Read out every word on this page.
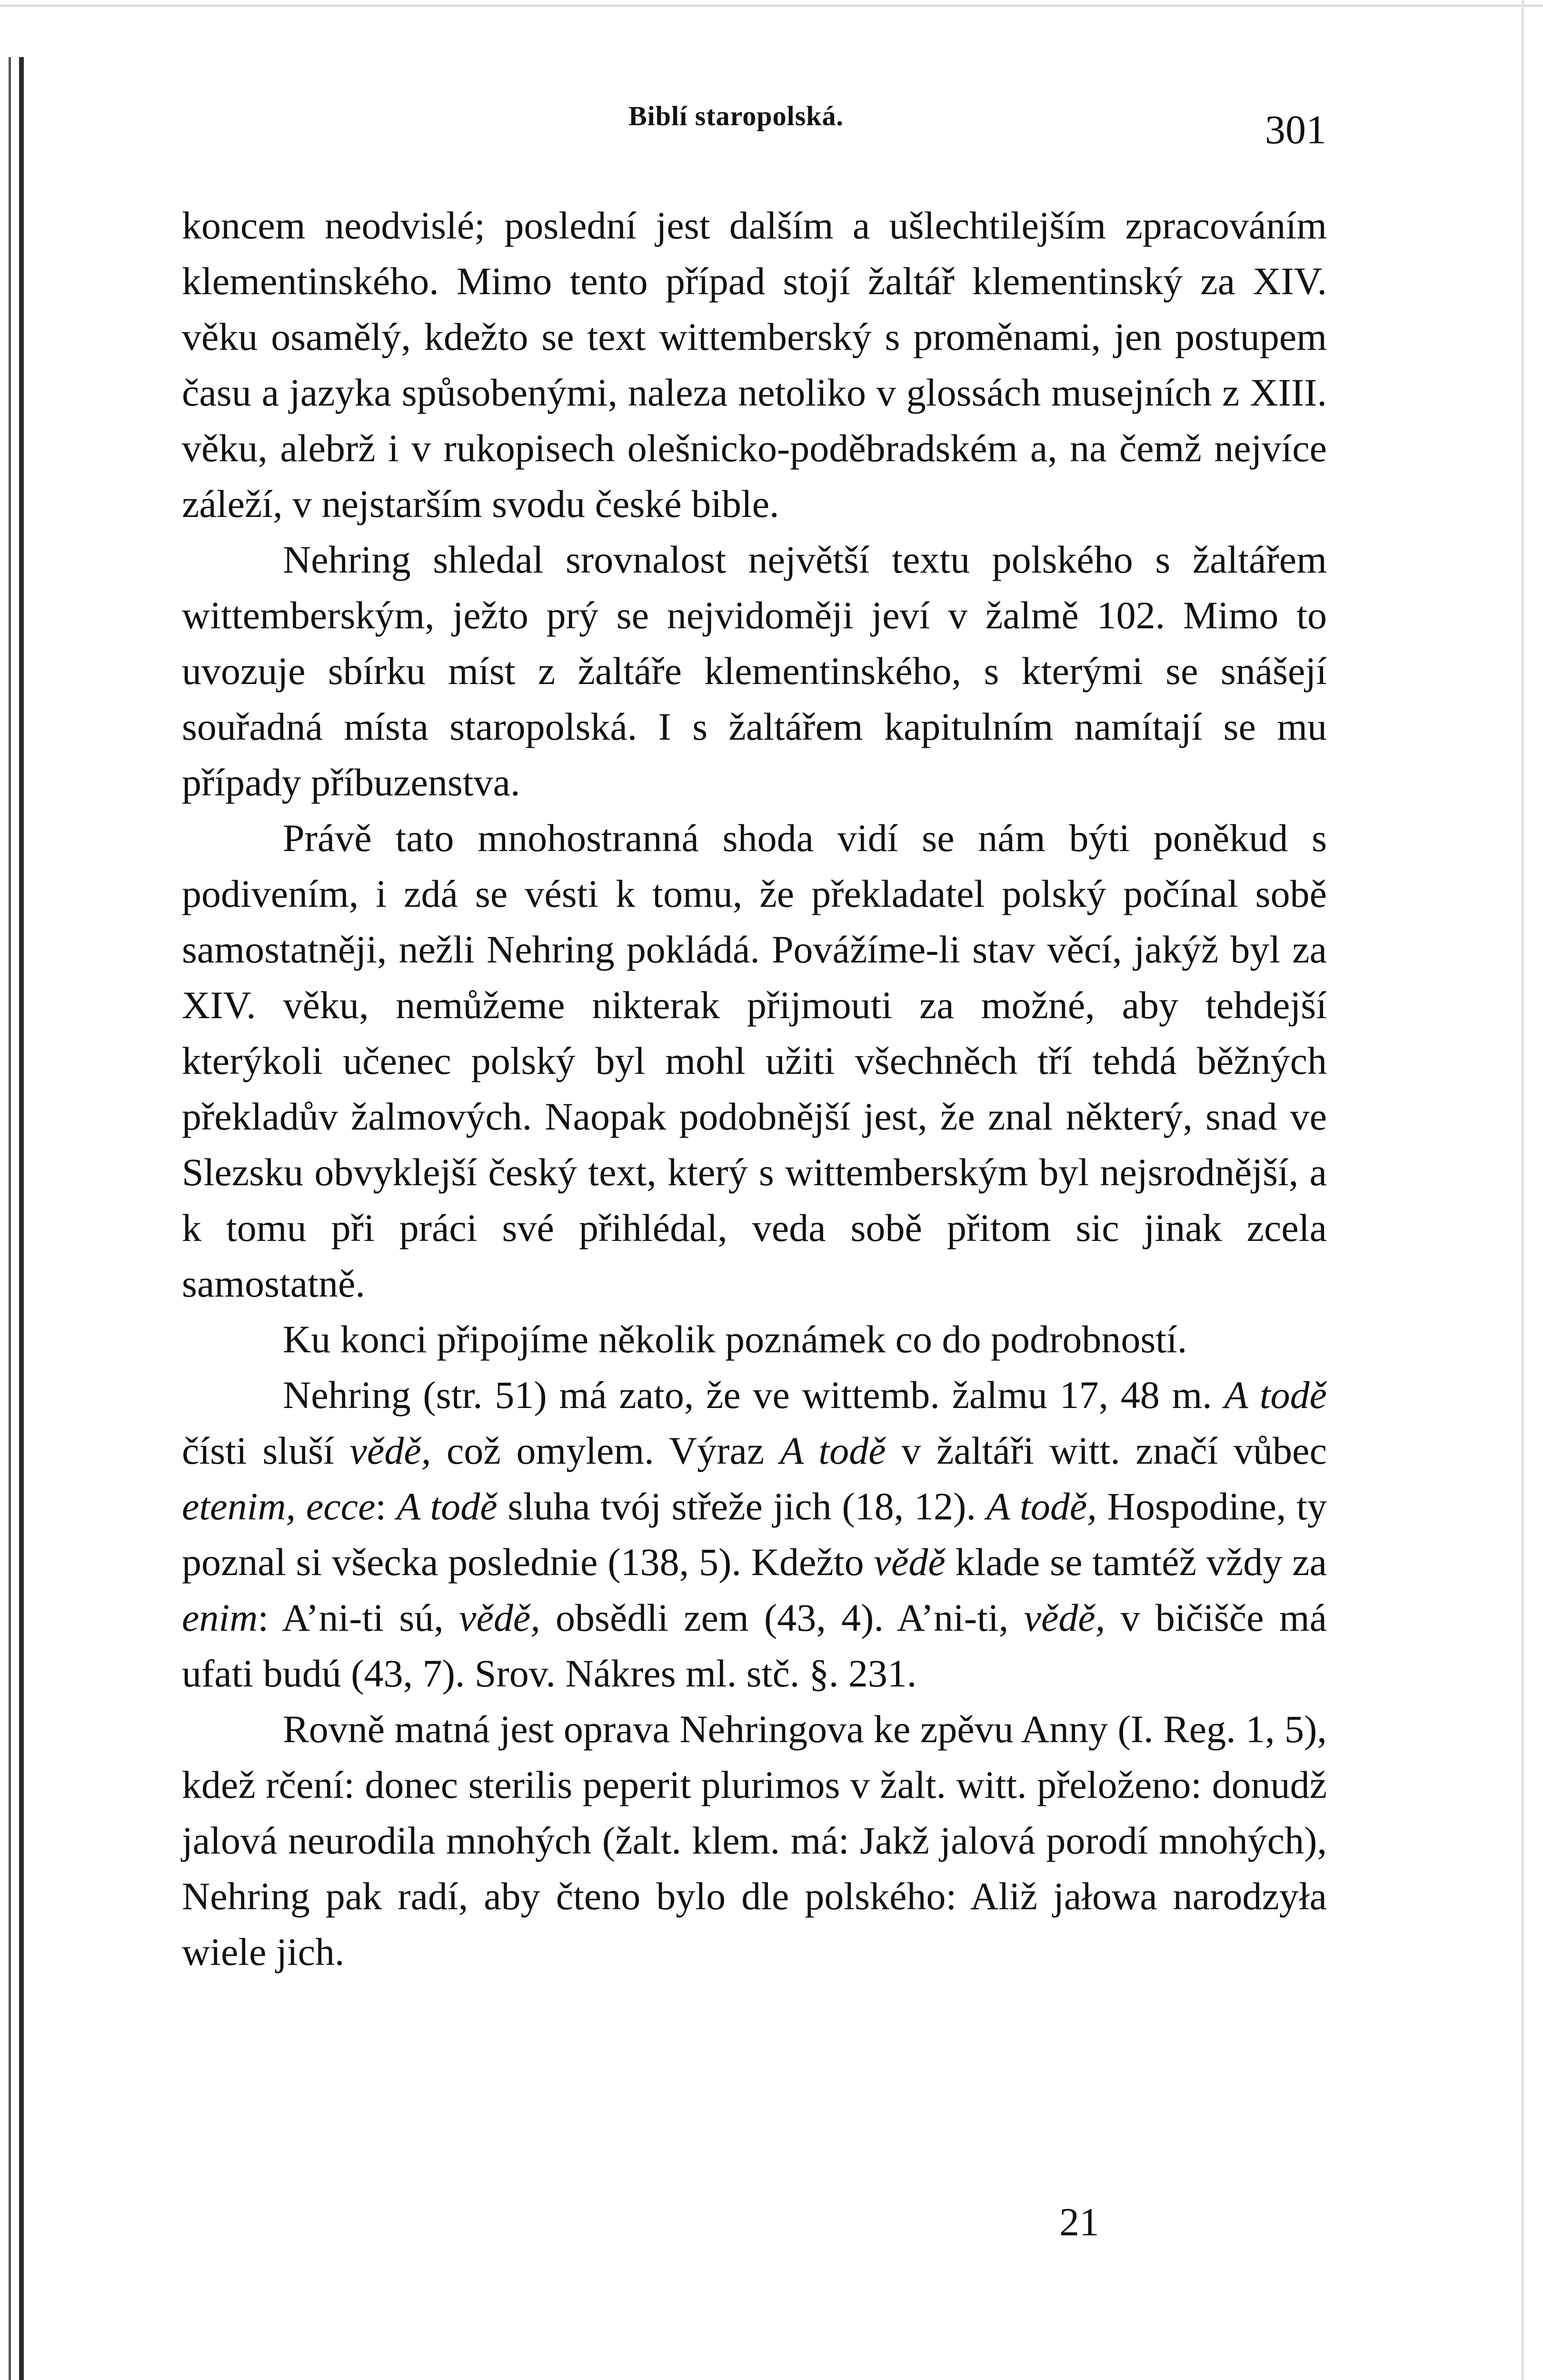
Biblí staropolská.	301

koncem neodvislé; poslední jest dalším a ušlechtilejším zpracováním klementinského. Mimo tento případ stojí žaltář klementinský za XIV. věku osamělý, kdežto se text wittemberský s proměnami, jen postupem času a jazyka spůsobenými, naleza netoliko v glossách musejních z XIII. věku, alebrž i v rukopisech olešnicko-poděbradském a, na čemž nejvíce záleží, v nejstarším svodu české bible.

Nehring shledal srovnalost největší textu polského s žaltářem wittemberským, ježto prý se nejvidoměji jeví v žalmě 102. Mimo to uvozuje sbírku míst z žaltáře klementinského, s kterými se snášejí souřadná místa staropolská. I s žaltářem kapitulním namítají se mu případy příbuzenstva.

Právě tato mnohostranná shoda vidí se nám býti poněkud s podivením, i zdá se vésti k tomu, že překladatel polský počínal sobě samostatněji, nežli Nehring pokládá. Povážíme-li stav věcí, jakýž byl za XIV. věku, nemůžeme nikterak přijmouti za možné, aby tehdejší kterýkoli učenec polský byl mohl užiti všechněch tří tehdá běžných překladův žalmových. Naopak podobnější jest, že znal některý, snad ve Slezsku obvyklejší český text, který s wittemberským byl nejsrodnější, a k tomu při práci své přihlédal, veda sobě přitom sic jinak zcela samostatně.

Ku konci připojíme několik poznámek co do podrobností.

Nehring (str. 51) má zato, že ve wittemb. žalmu 17, 48 m. A todě čísti sluší vědě, což omylem. Výraz A todě v žaltáři witt. značí vůbec etenim, ecce: A todě sluha tvój střeže jich (18, 12). A todě, Hospodine, ty poznal si všecka poslednie (138, 5). Kdežto vědě klade se tamtéž vždy za enim: A’ni-ti sú, vědě, obsědli zem (43, 4). A’ni-ti, vědě, v bičišče má ufati budú (43, 7). Srov. Nákres ml. stč. §. 231.

Rovně matná jest oprava Nehringova ke zpěvu Anny (I. Reg. 1, 5), kdež rčení: donec sterilis peperit plurimos v žalt. witt. přeloženo: donudž jalová neurodila mnohých (žalt. klem. má: Jakž jalová porodí mnohých), Nehring pak radí, aby čteno bylo dle polského: Aliž jałowa narodzyła wiele jich.

21
